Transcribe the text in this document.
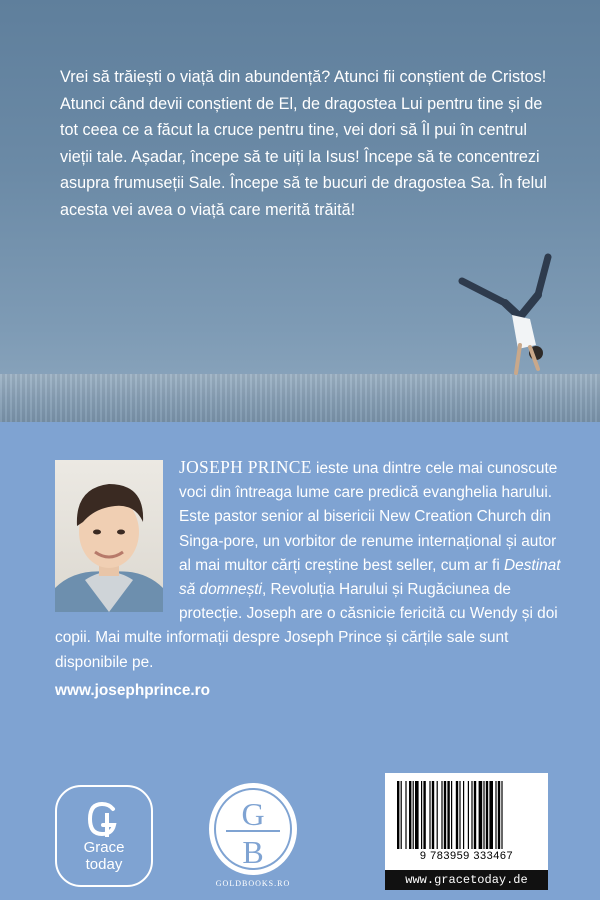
Vrei să trăiești o viață din abundență? Atunci fii conștient de Cristos! Atunci când devii conștient de El, de dragostea Lui pentru tine și de tot ceea ce a făcut la cruce pentru tine, vei dori să Îl pui în centrul vieții tale. Așadar, începe să te uiți la Isus! Începe să te concentrezi asupra frumuseții Sale. Începe să te bucuri de dragostea Sa. În felul acesta vei avea o viață care merită trăită!

JOSEPH PRINCE ieste una dintre cele mai cunoscute voci din întreaga lume care predică evanghelia harului. Este pastor senior al bisericii New Creation Church din Singa-pore, un vorbitor de renume internațional și autor al mai multor cărți creștine best seller, cum ar fi Destinat să domnești, Revoluția Harului și Rugăciunea de protecție. Joseph are o căsnicie fericită cu Wendy și doi copii. Mai multe informații despre Joseph Prince și cărțile sale sunt disponibile pe.
www.josephprince.ro

Grace
today
G
B
GOLDBOOKS.RO
9 783959 333467
www.gracetoday.de
